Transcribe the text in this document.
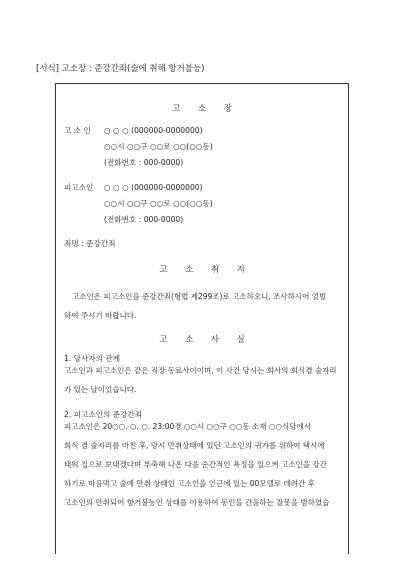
[서식] 고소장 : 준강간죄(술에 취해 항거불능)
고 소 장
고 소 인 ○ ○ ○ (000000-0000000)
○○시 ○○구 ○○로 ○○(○○동)
(전화번호 : 000-0000)
피고소인 ○ ○ ○ (000000-0000000)
○○시 ○○구 ○○로 ○○(○○동)
(전화번호 : 000-0000)
죄명 : 준강간죄
고 소 취 지
고소인은 피고소인을 준강간죄(형법 제299조)로 고소하오니, 조사하시어 엄벌
하여 주시기 바랍니다.
고 소 사 실
1. 당사자의 관계
고소인과 피고소인은 같은 직장 동료사이이며, 이 사건 당시는 회사의 회식겸 술자리
가 있는 날이었습니다.
2. 피고소인의 준강간죄
피고소인은 20○○. ○. ○. 23:00경 ○○시 ○○구 ○○동 소재 ○○식당에서
회식 겸 술자리를 마친 후, 당시 만취상태에 있던 고소인의 귀가를 위하여 택시에
태워 집으로 보내겠다며 부축해 나온 다음 순간적인 욕정을 일으켜 고소인을 강간
하기로 마음먹고 술에 만취 상태인 고소인을 인근에 있는 00모텔로 데려간 후
고소인의 만취되어 항거불능인 상태를 이용하여 동인을 간음하는 잘못을 범하였습
